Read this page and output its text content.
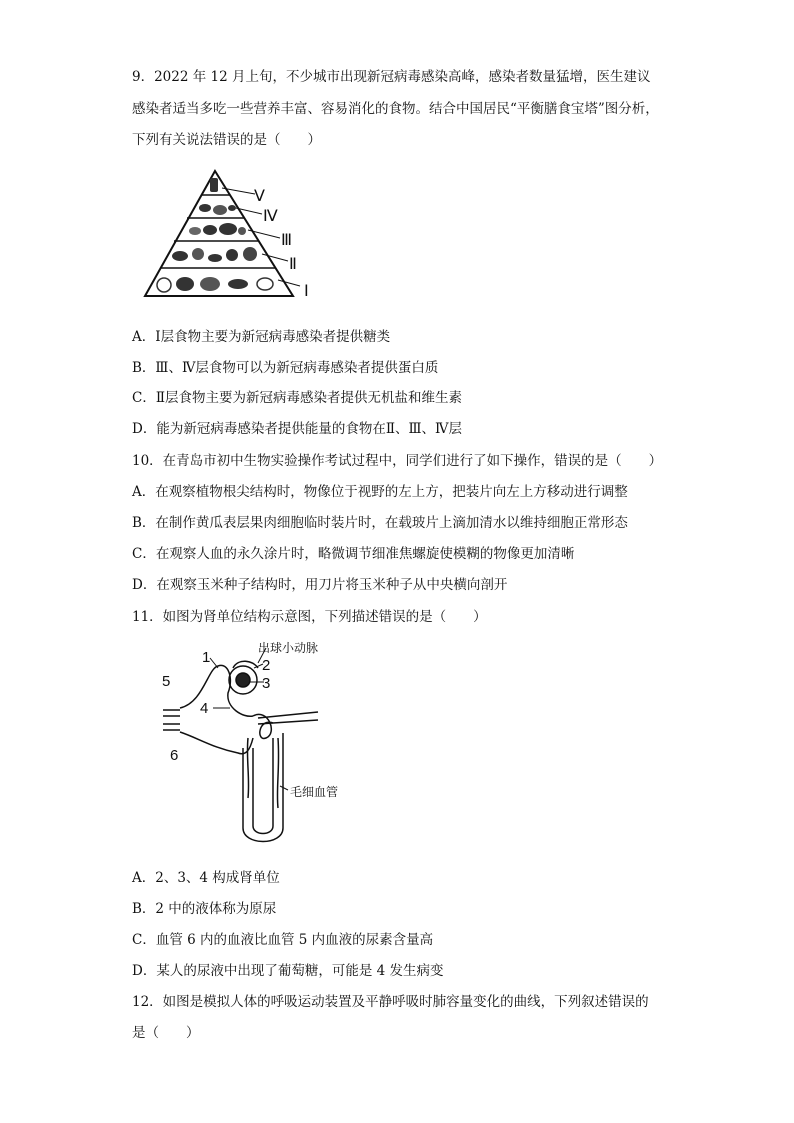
9．2022 年 12 月上旬，不少城市出现新冠病毒感染高峰，感染者数量猛增，医生建议
感染者适当多吃一些营养丰富、容易消化的食物。结合中国居民“平衡膳食宝塔”图分析，
下列有关说法错误的是（　　）
Ⅴ
Ⅳ
Ⅲ
Ⅱ
Ⅰ
A．Ⅰ层食物主要为新冠病毒感染者提供糖类
B．Ⅲ、Ⅳ层食物可以为新冠病毒感染者提供蛋白质
C．Ⅱ层食物主要为新冠病毒感染者提供无机盐和维生素
D．能为新冠病毒感染者提供能量的食物在Ⅱ、Ⅲ、Ⅳ层
10．在青岛市初中生物实验操作考试过程中，同学们进行了如下操作，错误的是（　　）
A．在观察植物根尖结构时，物像位于视野的左上方，把装片向左上方移动进行调整
B．在制作黄瓜表层果肉细胞临时装片时，在载玻片上滴加清水以维持细胞正常形态
C．在观察人血的永久涂片时，略微调节细准焦螺旋使模糊的物像更加清晰
D．在观察玉米种子结构时，用刀片将玉米种子从中央横向剖开
11．如图为肾单位结构示意图，下列描述错误的是（　　）
1	2
3
4
5
6
出球小动脉
毛细血管
A．2、3、4 构成肾单位
B．2 中的液体称为原尿
C．血管 6 内的血液比血管 5 内血液的尿素含量高
D．某人的尿液中出现了葡萄糖，可能是 4 发生病变
12．如图是模拟人体的呼吸运动装置及平静呼吸时肺容量变化的曲线，下列叙述错误的
是（　　）
